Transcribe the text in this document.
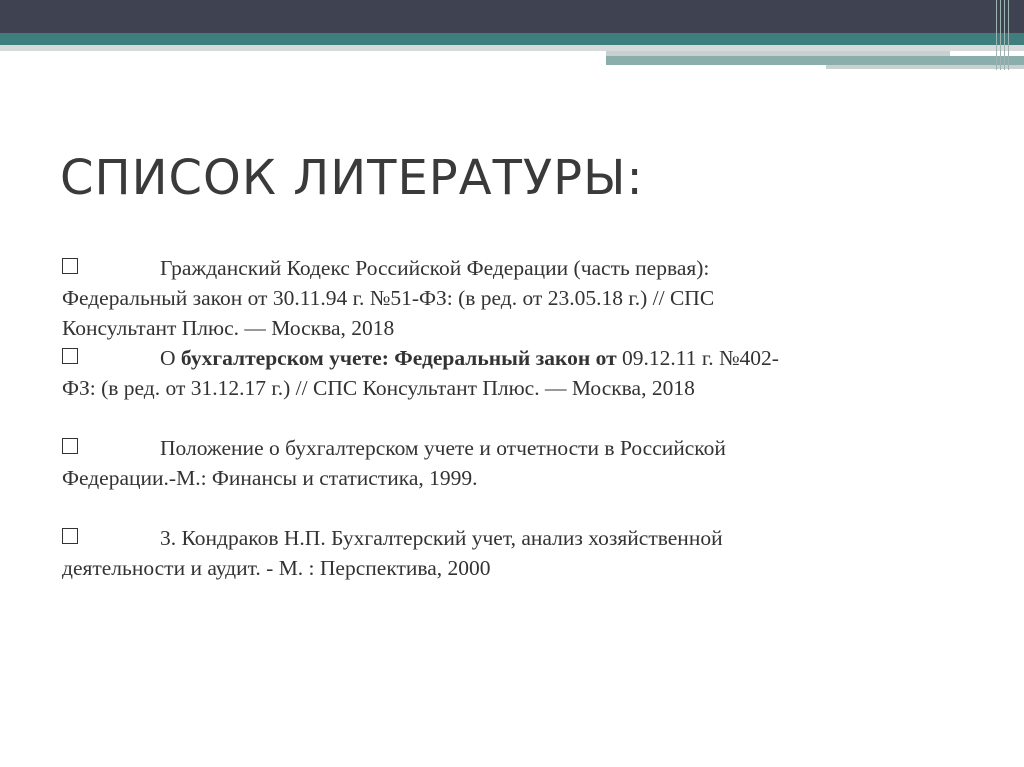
СПИСОК ЛИТЕРАТУРЫ:

Гражданский Кодекс Российской Федерации (часть первая): Федеральный закон от 30.11.94 г. №51-ФЗ: (в ред. от 23.05.18 г.) // СПС Консультант Плюс. — Москва, 2018

О бухгалтерском учете: Федеральный закон от 09.12.11 г. №402-ФЗ: (в ред. от 31.12.17 г.) // СПС Консультант Плюс. — Москва, 2018

Положение о бухгалтерском учете и отчетности в Российской Федерации.-М.: Финансы и статистика, 1999.

3. Кондраков Н.П. Бухгалтерский учет, анализ хозяйственной деятельности и аудит. - М. : Перспектива, 2000
